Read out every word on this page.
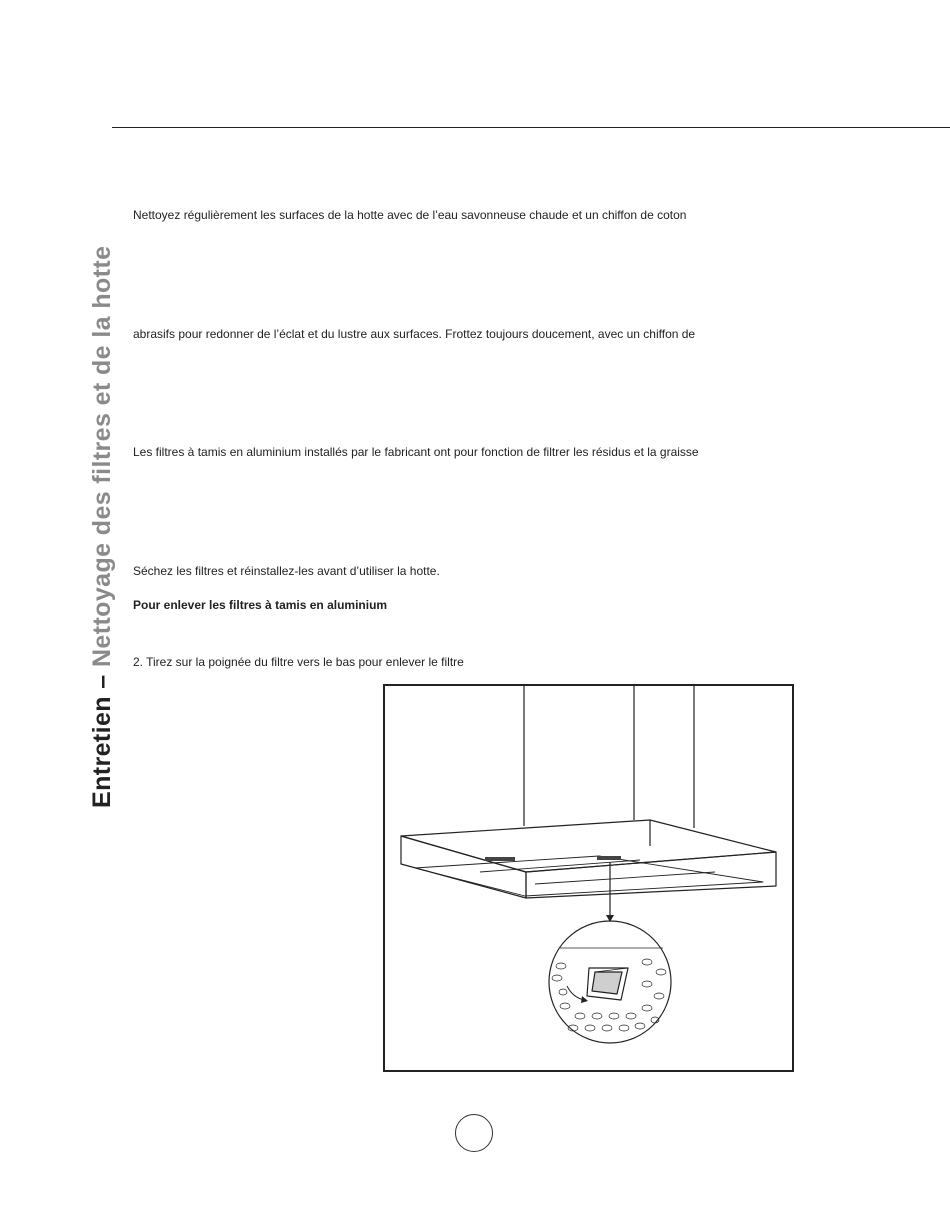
Entretien – Nettoyage des filtres et de la hotte
Nettoyez régulièrement les surfaces de la hotte avec de l’eau savonneuse chaude et un chiffon de coton
abrasifs pour redonner de l’éclat et du lustre aux surfaces. Frottez toujours doucement, avec un chiffon de
Les filtres à tamis en aluminium installés par le fabricant ont pour fonction de filtrer les résidus et la graisse
Séchez les filtres et réinstallez-les avant d’utiliser la hotte.
Pour enlever les filtres à tamis en aluminium
2. Tirez sur la poignée du filtre vers le bas pour enlever le filtre
